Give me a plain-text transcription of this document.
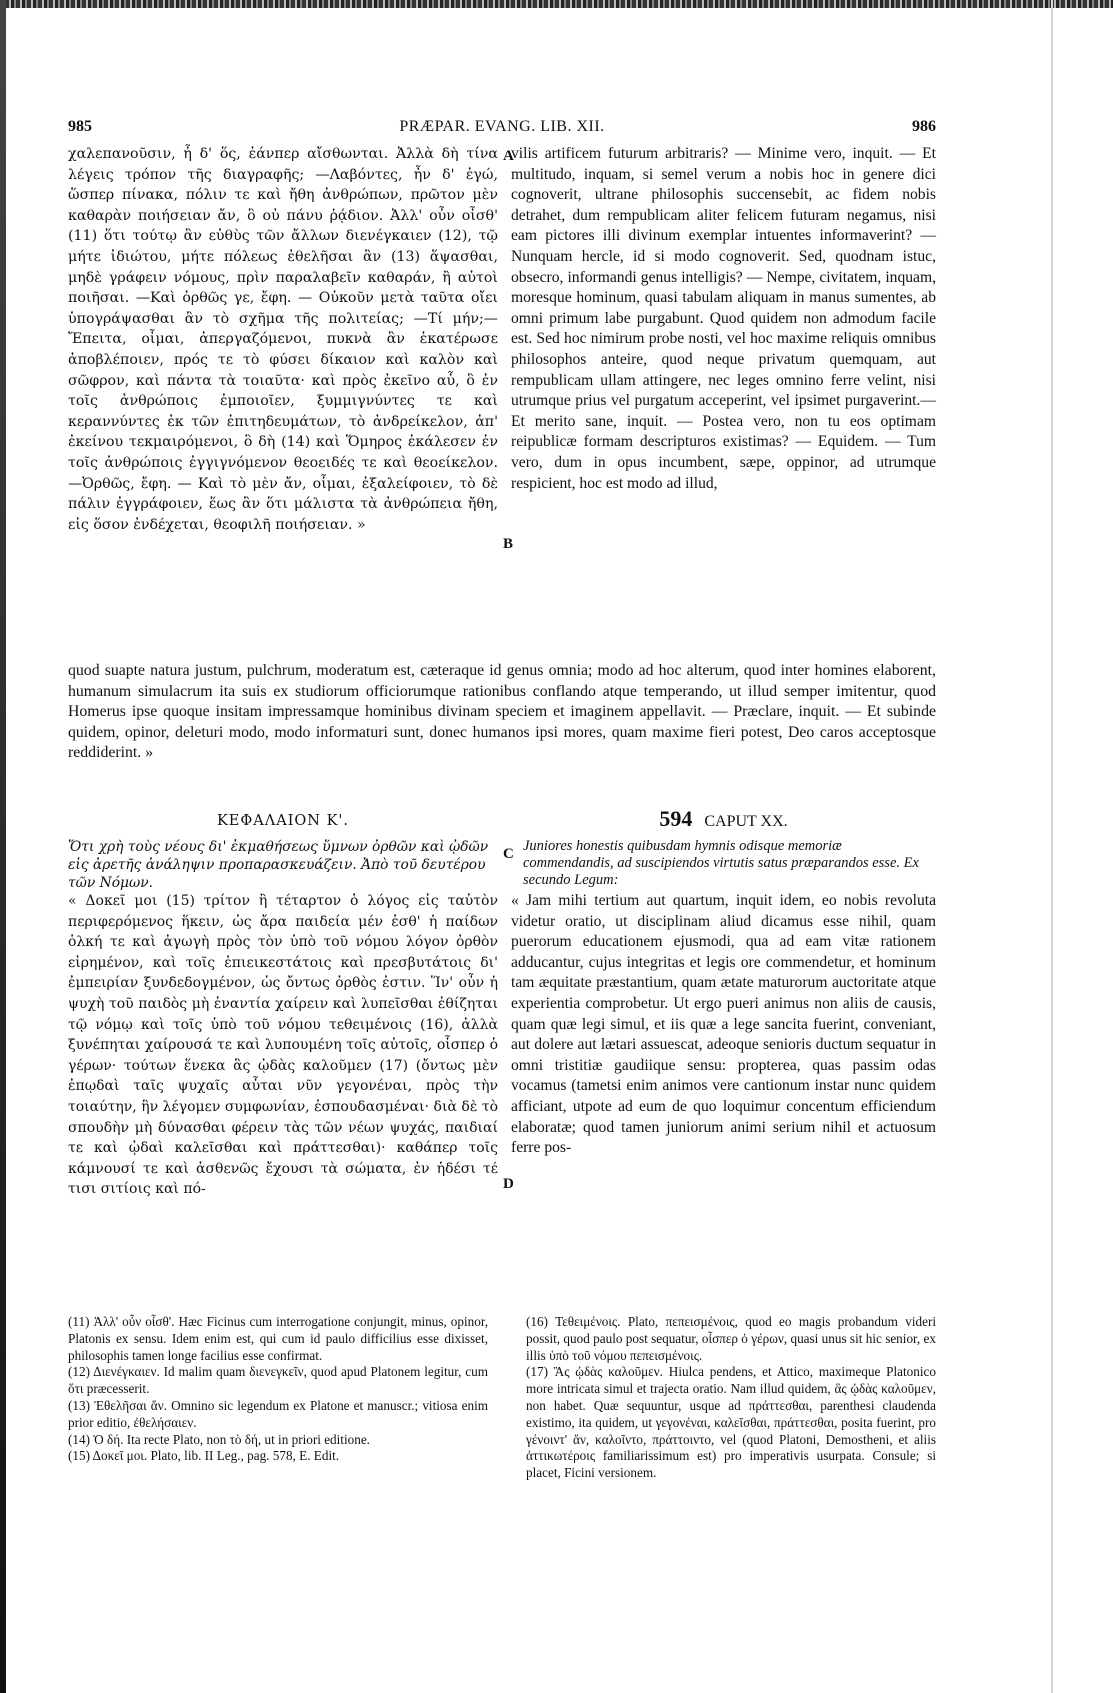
985	PRÆPAR. EVANG. LIB. XII.	986

χαλεπανοῦσιν, ἦ δ' ὅς, ἐάνπερ αἴσθωνται. Ἀλλὰ δὴ τίνα λέγεις τρόπον τῆς διαγραφῆς; —Λαβόντες, ἦν δ' ἐγώ, ὥσπερ πίνακα, πόλιν τε καὶ ἤθη ἀνθρώπων, πρῶτον μὲν καθαρὰν ποιήσειαν ἄν, ὃ οὐ πάνυ ῥᾴδιον. Ἀλλ' οὖν οἶσθ' (11) ὅτι τούτῳ ἂν εὐθὺς τῶν ἄλλων διενέγκαιεν (12), τῷ μήτε ἰδιώτου, μήτε πόλεως ἐθελῆσαι ἂν (13) ἅψασθαι, μηδὲ γράφειν νόμους, πρὶν παραλαβεῖν καθαράν, ἢ αὐτοὶ ποιῆσαι. —Καὶ ὀρθῶς γε, ἔφη. — Οὐκοῦν μετὰ ταῦτα οἴει ὑπογράψασθαι ἂν τὸ σχῆμα τῆς πολιτείας; —Τί μήν;—Ἔπειτα, οἶμαι, ἀπεργαζόμενοι, πυκνὰ ἂν ἑκατέρωσε ἀποβλέποιεν, πρός τε τὸ φύσει δίκαιον καὶ καλὸν καὶ σῶφρον, καὶ πάντα τὰ τοιαῦτα· καὶ πρὸς ἐκεῖνο αὖ, ὃ ἐν τοῖς ἀνθρώποις ἐμποιοῖεν, ξυμμιγνύντες τε καὶ κεραννύντες ἐκ τῶν ἐπιτηδευμάτων, τὸ ἀνδρείκελον, ἀπ' ἐκείνου τεκμαιρόμενοι, ὃ δὴ (14) καὶ Ὅμηρος ἐκάλεσεν ἐν τοῖς ἀνθρώποις ἐγγιγνόμενον θεοειδές τε καὶ θεοείκελον. —Ὀρθῶς, ἔφη. — Καὶ τὸ μὲν ἄν, οἶμαι, ἐξαλείφοιεν, τὸ δὲ πάλιν ἐγγράφοιεν, ἕως ἂν ὅτι μάλιστα τὰ ἀνθρώπεια ἤθη, εἰς ὅσον ἐνδέχεται, θεοφιλῆ ποιήσειαν. »

A
B

vilis artificem futurum arbitraris? — Minime vero, inquit. — Et multitudo, inquam, si semel verum a nobis hoc in genere dici cognoverit, ultrane philosophis succensebit, ac fidem nobis detrahet, dum rempublicam aliter felicem futuram negamus, nisi eam pictores illi divinum exemplar intuentes informaverint? —Nunquam hercle, id si modo cognoverit. Sed, quodnam istuc, obsecro, informandi genus intelligis? — Nempe, civitatem, inquam, moresque hominum, quasi tabulam aliquam in manus sumentes, ab omni primum labe purgabunt. Quod quidem non admodum facile est. Sed hoc nimirum probe nosti, vel hoc maxime reliquis omnibus philosophos anteire, quod neque privatum quemquam, aut rempublicam ullam attingere, nec leges omnino ferre velint, nisi utrumque prius vel purgatum acceperint, vel ipsimet purgaverint.—Et merito sane, inquit. — Postea vero, non tu eos optimam reipublicæ formam descripturos existimas? — Equidem. — Tum vero, dum in opus incumbent, sæpe, oppinor, ad utrumque respicient, hoc est modo ad illud,

quod suapte natura justum, pulchrum, moderatum est, cæteraque id genus omnia; modo ad hoc alterum, quod inter homines elaborent, humanum simulacrum ita suis ex studiorum officiorumque rationibus conflando atque temperando, ut illud semper imitentur, quod Homerus ipse quoque insitam impressamque hominibus divinam speciem et imaginem appellavit. — Præclare, inquit. — Et subinde quidem, opinor, deleturi modo, modo informaturi sunt, donec humanos ipsi mores, quam maxime fieri potest, Deo caros acceptosque reddiderint. »

ΚΕΦΑΛΑΙΟΝ Κ'.	594 CAPUT XX.
Ὅτι χρὴ τοὺς νέους δι' ἐκμαθήσεως ὕμνων ὀρθῶν καὶ ᾠδῶν εἰς ἀρετῆς ἀνάληψιν προπαρασκευάζειν. Ἀπὸ τοῦ δευτέρου τῶν Νόμων.
C Juniores honestis quibusdam hymnis odisque memoriæ commendandis, ad suscipiendos virtutis satus præparandos esse. Ex secundo Legum:

« Δοκεῖ μοι (15) τρίτον ἢ τέταρτον ὁ λόγος εἰς ταὐτὸν περιφερόμενος ἥκειν, ὡς ἄρα παιδεία μέν ἐσθ' ἡ παίδων ὁλκή τε καὶ ἀγωγὴ πρὸς τὸν ὑπὸ τοῦ νόμου λόγον ὀρθὸν εἰρημένον, καὶ τοῖς ἐπιεικεστάτοις καὶ πρεσβυτάτοις δι' ἐμπειρίαν ξυνδεδογμένον, ὡς ὄντως ὀρθὸς ἐστιν. Ἵν' οὖν ἡ ψυχὴ τοῦ παιδὸς μὴ ἐναντία χαίρειν καὶ λυπεῖσθαι ἐθίζηται τῷ νόμῳ καὶ τοῖς ὑπὸ τοῦ νόμου τεθειμένοις (16), ἀλλὰ ξυνέπηται χαίρουσά τε καὶ λυπουμένη τοῖς αὐτοῖς, οἷσπερ ὁ γέρων· τούτων ἕνεκα ἃς ᾠδὰς καλοῦμεν (17) (ὄντως μὲν ἐπῳδαὶ ταῖς ψυχαῖς αὗται νῦν γεγονέναι, πρὸς τὴν τοιαύτην, ἣν λέγομεν συμφωνίαν, ἐσπουδασμέναι· διὰ δὲ τὸ σπουδὴν μὴ δύνασθαι φέρειν τὰς τῶν νέων ψυχάς, παιδιαί τε καὶ ᾠδαὶ καλεῖσθαι καὶ πράττεσθαι)· καθάπερ τοῖς κάμνουσί τε καὶ ἀσθενῶς ἔχουσι τὰ σώματα, ἐν ἡδέσι τέ τισι σιτίοις καὶ πό-	D

« Jam mihi tertium aut quartum, inquit idem, eo nobis revoluta videtur oratio, ut disciplinam aliud dicamus esse nihil, quam puerorum educationem ejusmodi, qua ad eam vitæ rationem adducantur, cujus integritas et legis ore commendetur, et hominum tam æquitate præstantium, quam ætate maturorum auctoritate atque experientia comprobetur. Ut ergo pueri animus non aliis de causis, quam quæ legi simul, et iis quæ a lege sancita fuerint, conveniant, aut dolere aut lætari assuescat, adeoque senioris ductum sequatur in omni tristitiæ gaudiique sensu: propterea, quas passim odas vocamus (tametsi enim animos vere cantionum instar nunc quidem afficiant, utpote ad eum de quo loquimur concentum efficiendum elaboratæ; quod tamen juniorum animi serium nihil et actuosum ferre pos-

(11) Ἀλλ' οὖν οἶσθ'. Hæc Ficinus cum interrogatione conjungit, minus, opinor, Platonis ex sensu. Idem enim est, qui cum id paulo difficilius esse dixisset, philosophis tamen longe facilius esse confirmat.

(12) Διενέγκαιεν. Id malim quam διενεγκεῖν, quod apud Platonem legitur, cum ὅτι præcesserit.

(13) Ἐθελῆσαι ἄν. Omnino sic legendum ex Platone et manuscr.; vitiosa enim prior editio, ἐθελήσαιεν.

(14) Ὁ δή. Ita recte Plato, non τὸ δή, ut in priori editione.

(15) Δοκεῖ μοι. Plato, lib. II Leg., pag. 578, E. Edit.

(16) Τεθειμένοις. Plato, πεπεισμένοις, quod eo magis probandum videri possit, quod paulo post sequatur, οἷσπερ ὁ γέρων, quasi unus sit hic senior, ex illis ὑπὸ τοῦ νόμου πεπεισμένοις.

(17) Ἃς ᾠδὰς καλοῦμεν. Hiulca pendens, et Attico, maximeque Platonico more intricata simul et trajecta oratio. Nam illud quidem, ἃς ᾠδὰς καλοῦμεν, non habet. Quæ sequuntur, usque ad πράττεσθαι, parenthesi claudenda existimo, ita quidem, ut γεγονέναι, καλεῖσθαι, πράττεσθαι, posita fuerint, pro γένοιντ' ἄν, καλοῖντο, πράττοιντο, vel (quod Platoni, Demostheni, et aliis ἀττικωτέροις familiarissimum est) pro imperativis usurpata. Consule; si placet, Ficini versionem.
